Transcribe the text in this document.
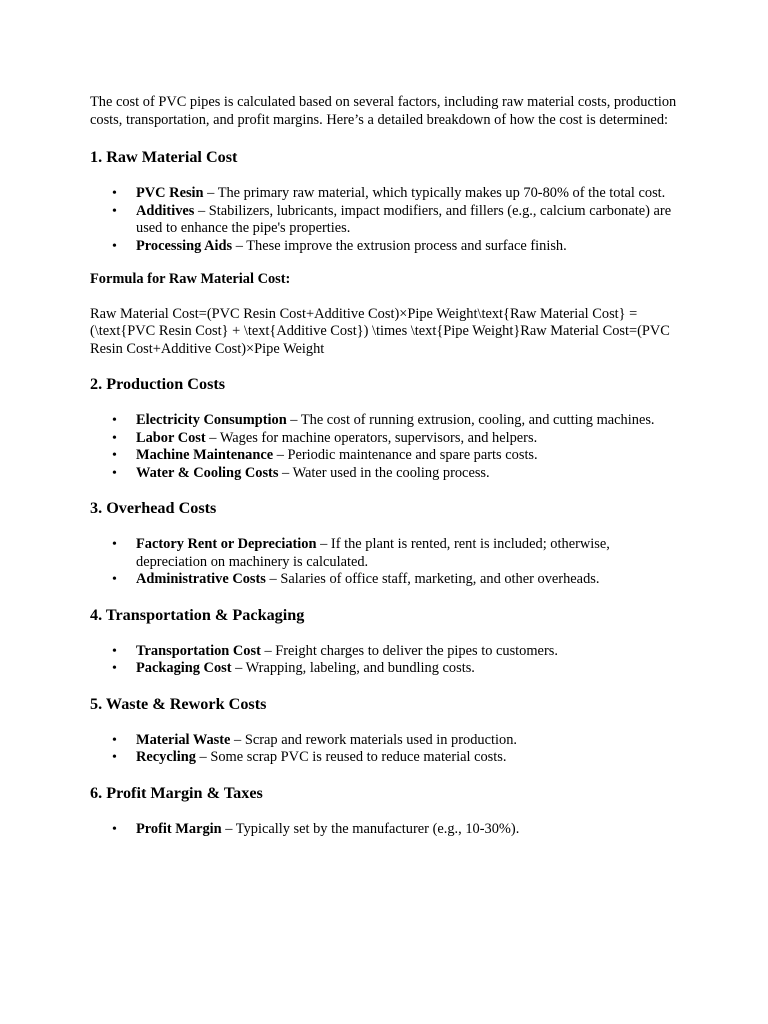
The cost of PVC pipes is calculated based on several factors, including raw material costs, production costs, transportation, and profit margins. Here’s a detailed breakdown of how the cost is determined:

1. Raw Material Cost
• PVC Resin – The primary raw material, which typically makes up 70-80% of the total cost.
• Additives – Stabilizers, lubricants, impact modifiers, and fillers (e.g., calcium carbonate) are used to enhance the pipe's properties.
• Processing Aids – These improve the extrusion process and surface finish.

Formula for Raw Material Cost:

Raw Material Cost=(PVC Resin Cost+Additive Cost)×Pipe Weight\text{Raw Material Cost} = (\text{PVC Resin Cost} + \text{Additive Cost}) \times \text{Pipe Weight}Raw Material Cost=(PVC Resin Cost+Additive Cost)×Pipe Weight

2. Production Costs
• Electricity Consumption – The cost of running extrusion, cooling, and cutting machines.
• Labor Cost – Wages for machine operators, supervisors, and helpers.
• Machine Maintenance – Periodic maintenance and spare parts costs.
• Water & Cooling Costs – Water used in the cooling process.
3. Overhead Costs
• Factory Rent or Depreciation – If the plant is rented, rent is included; otherwise, depreciation on machinery is calculated.
• Administrative Costs – Salaries of office staff, marketing, and other overheads.
4. Transportation & Packaging
• Transportation Cost – Freight charges to deliver the pipes to customers.
• Packaging Cost – Wrapping, labeling, and bundling costs.
5. Waste & Rework Costs
• Material Waste – Scrap and rework materials used in production.
• Recycling – Some scrap PVC is reused to reduce material costs.
6. Profit Margin & Taxes
• Profit Margin – Typically set by the manufacturer (e.g., 10-30%).
